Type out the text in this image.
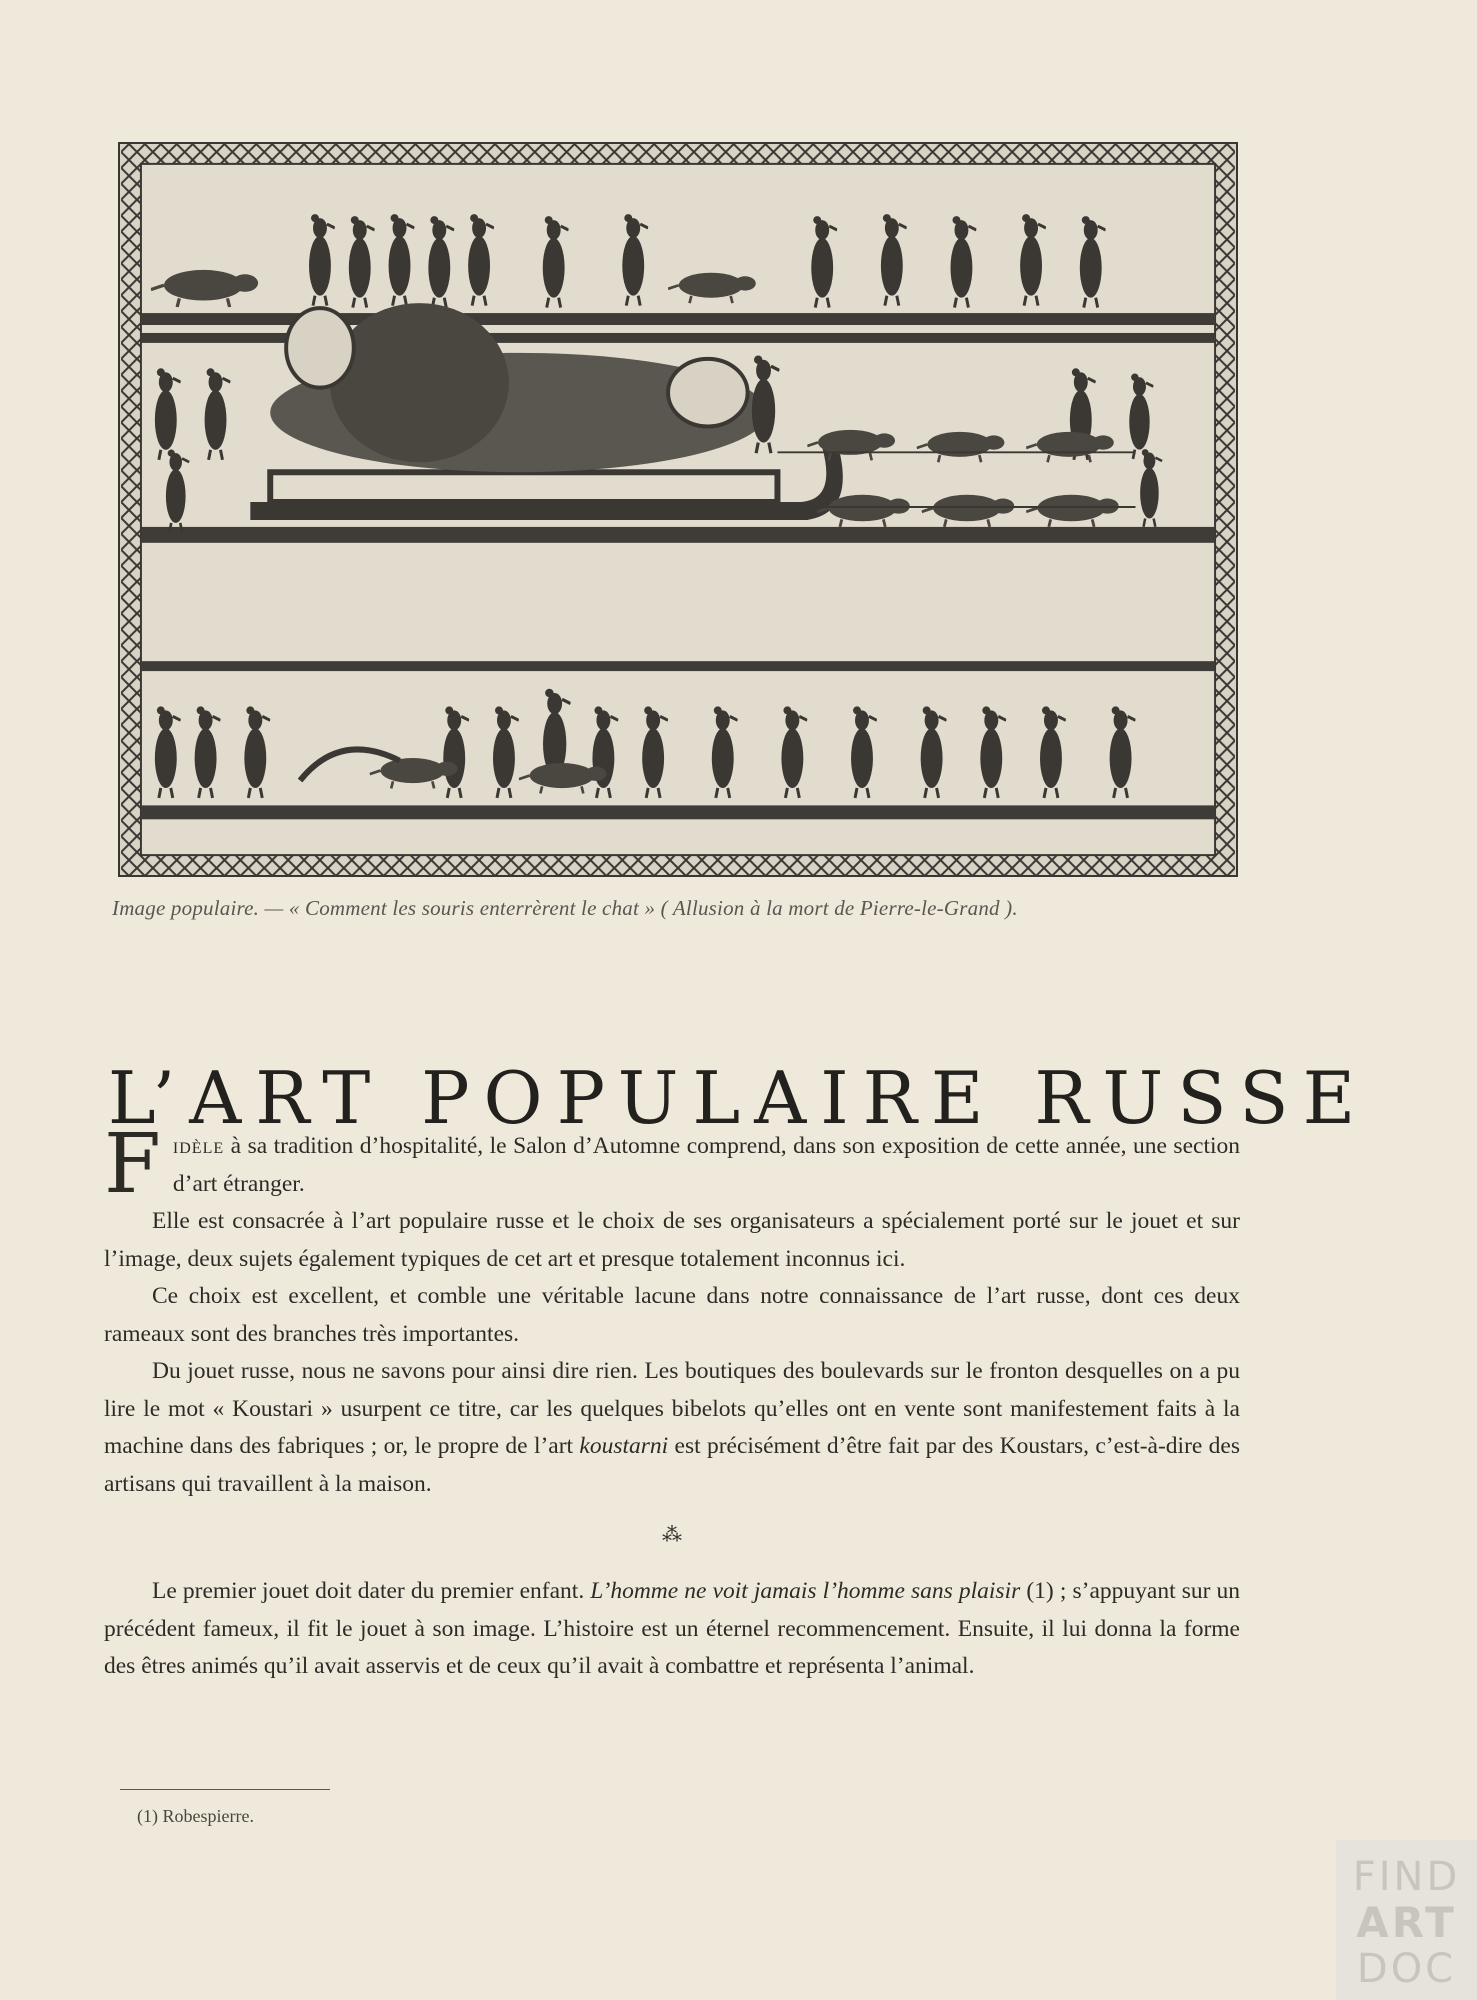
Image populaire. — « Comment les souris enterrèrent le chat » ( Allusion à la mort de Pierre-le-Grand ).
L’ART POPULAIRE RUSSE

Fidèle à sa tradition d’hospitalité, le Salon d’Automne comprend, dans son exposition de cette année, une section d’art étranger.

Elle est consacrée à l’art populaire russe et le choix de ses organisateurs a spécialement porté sur le jouet et sur l’image, deux sujets également typiques de cet art et presque totalement inconnus ici.

Ce choix est excellent, et comble une véritable lacune dans notre connaissance de l’art russe, dont ces deux rameaux sont des branches très importantes.

Du jouet russe, nous ne savons pour ainsi dire rien. Les boutiques des boulevards sur le fronton desquelles on a pu lire le mot « Koustari » usurpent ce titre, car les quelques bibelots qu’elles ont en vente sont manifestement faits à la machine dans des fabriques ; or, le propre de l’art koustarni est précisément d’être fait par des Koustars, c’est-à-dire des artisans qui travaillent à la maison.

⁂

Le premier jouet doit dater du premier enfant. L’homme ne voit jamais l’homme sans plaisir (1) ; s’appuyant sur un précédent fameux, il fit le jouet à son image. L’histoire est un éternel recommencement. Ensuite, il lui donna la forme des êtres animés qu’il avait asservis et de ceux qu’il avait à combattre et représenta l’animal.

(1) Robespierre.
FIND
ART
DOC
